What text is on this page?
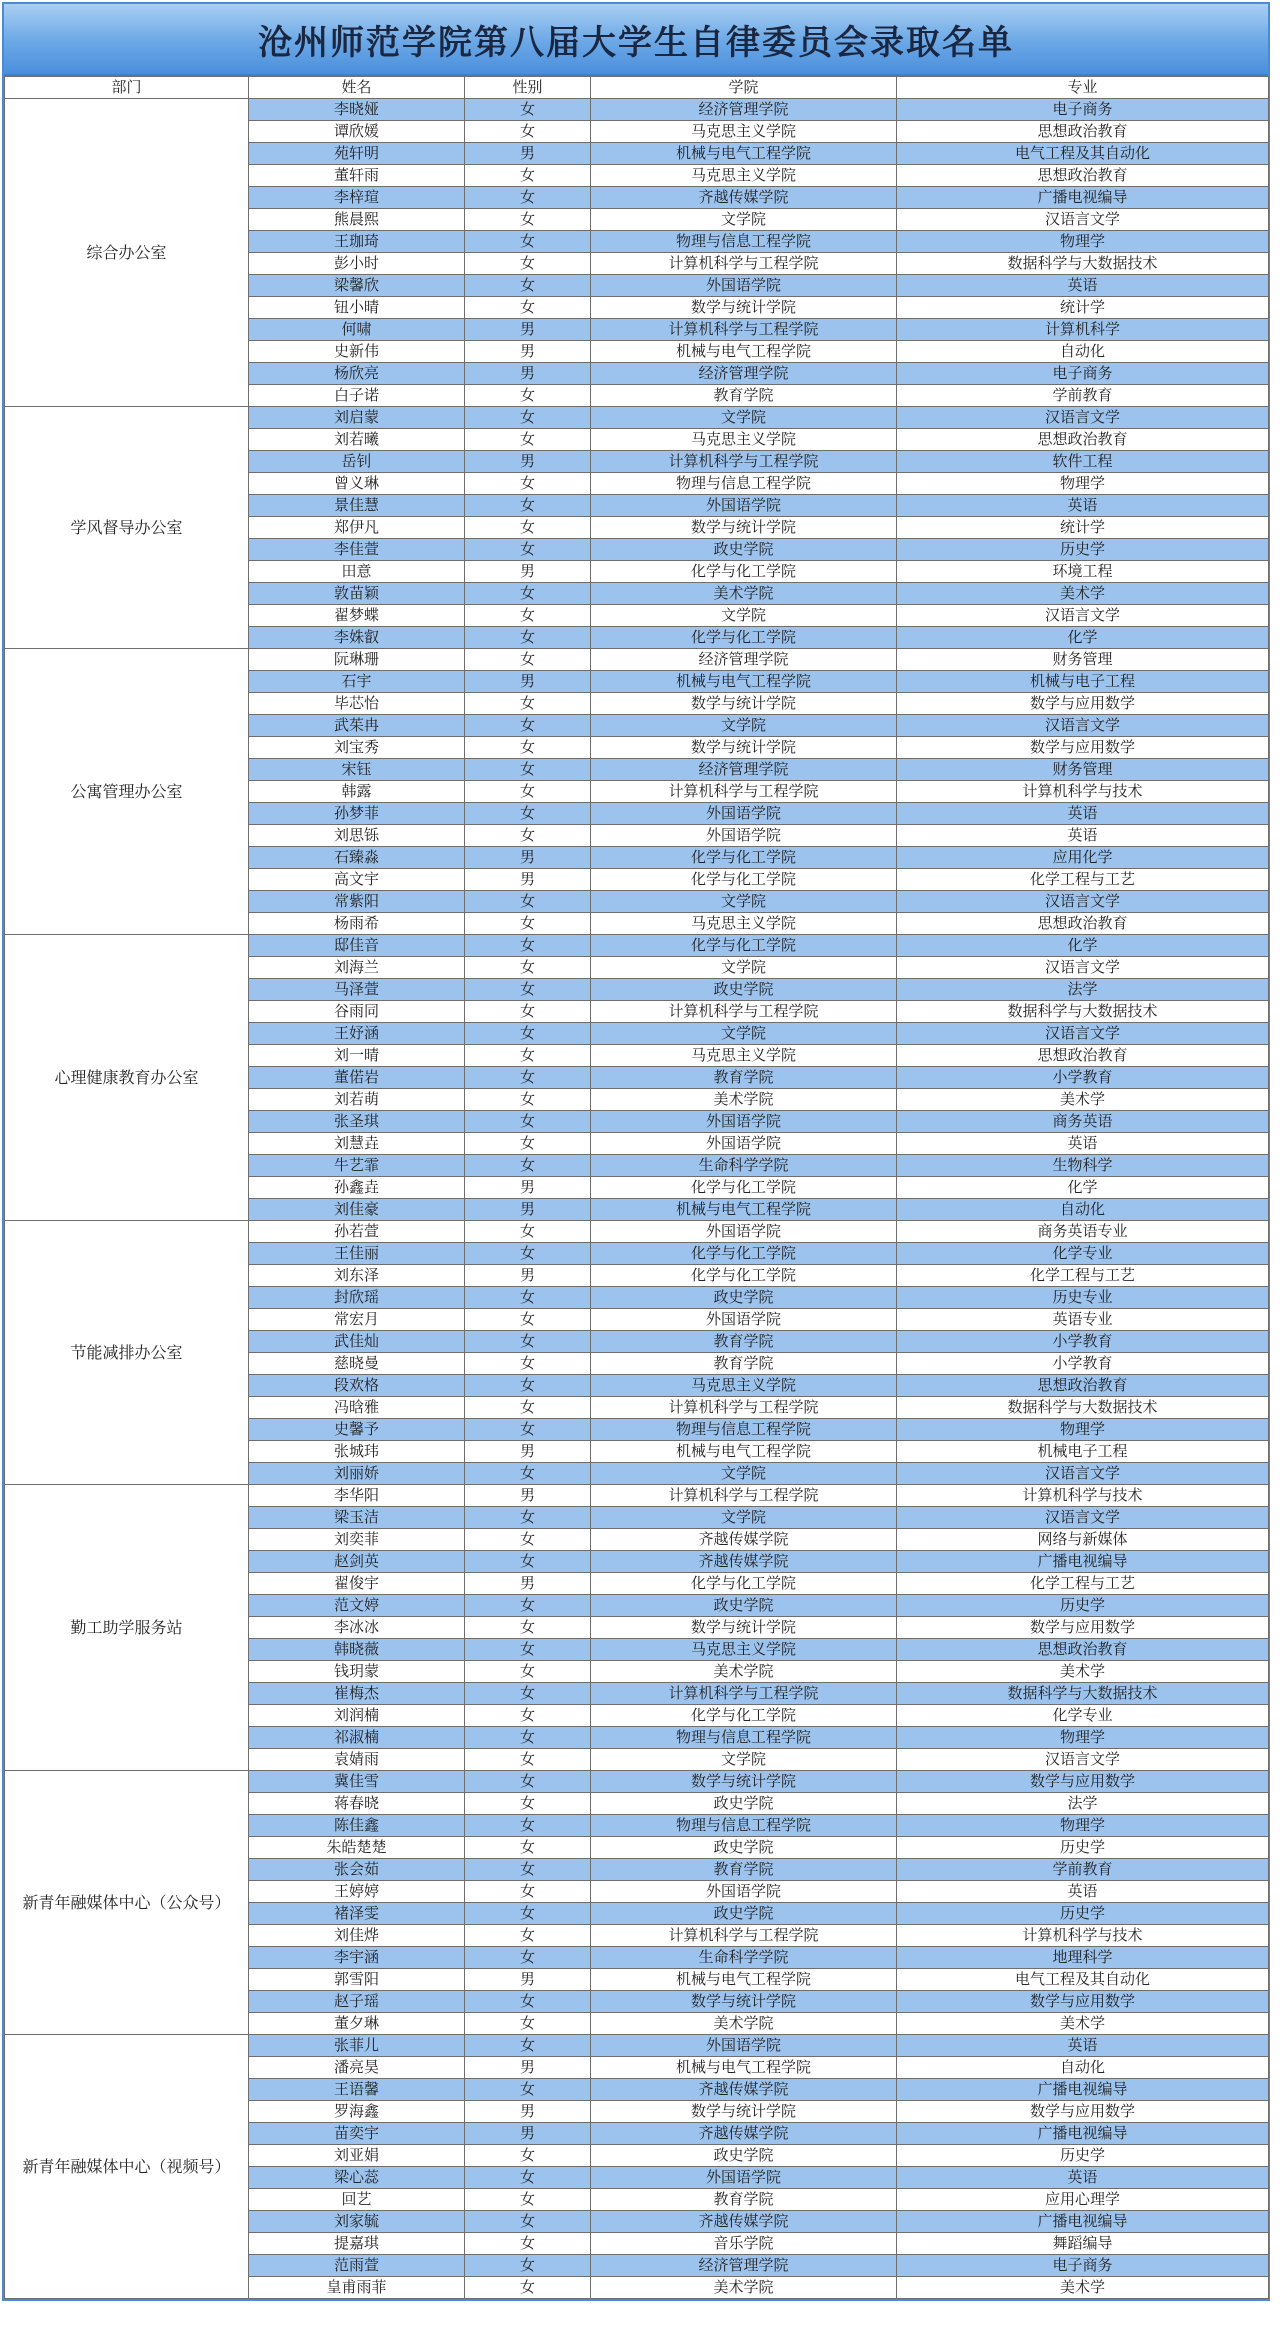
沧州师范学院第八届大学生自律委员会录取名单
部门	姓名	性别	学院	专业
综合办公室	李晓娅	女	经济管理学院	电子商务
	谭欣媛	女	马克思主义学院	思想政治教育
	苑轩明	男	机械与电气工程学院	电气工程及其自动化
	董轩雨	女	马克思主义学院	思想政治教育
	李梓瑄	女	齐越传媒学院	广播电视编导
	熊晨熙	女	文学院	汉语言文学
	王珈琦	女	物理与信息工程学院	物理学
	彭小时	女	计算机科学与工程学院	数据科学与大数据技术
	梁馨欣	女	外国语学院	英语
	钮小晴	女	数学与统计学院	统计学
	何啸	男	计算机科学与工程学院	计算机科学
	史新伟	男	机械与电气工程学院	自动化
	杨欣亮	男	经济管理学院	电子商务
	白子诺	女	教育学院	学前教育
学风督导办公室	刘启蒙	女	文学院	汉语言文学
	刘若曦	女	马克思主义学院	思想政治教育
	岳钊	男	计算机科学与工程学院	软件工程
	曾义琳	女	物理与信息工程学院	物理学
	景佳慧	女	外国语学院	英语
	郑伊凡	女	数学与统计学院	统计学
	李佳萱	女	政史学院	历史学
	田意	男	化学与化工学院	环境工程
	敦苗颖	女	美术学院	美术学
	翟梦蝶	女	文学院	汉语言文学
	李姝叡	女	化学与化工学院	化学
公寓管理办公室	阮琳珊	女	经济管理学院	财务管理
	石宇	男	机械与电气工程学院	机械与电子工程
	毕芯怡	女	数学与统计学院	数学与应用数学
	武茱冉	女	文学院	汉语言文学
	刘宝秀	女	数学与统计学院	数学与应用数学
	宋钰	女	经济管理学院	财务管理
	韩露	女	计算机科学与工程学院	计算机科学与技术
	孙梦菲	女	外国语学院	英语
	刘思铄	女	外国语学院	英语
	石臻淼	男	化学与化工学院	应用化学
	高文宇	男	化学与化工学院	化学工程与工艺
	常紫阳	女	文学院	汉语言文学
	杨雨希	女	马克思主义学院	思想政治教育
心理健康教育办公室	邸佳音	女	化学与化工学院	化学
	刘海兰	女	文学院	汉语言文学
	马泽萱	女	政史学院	法学
	谷雨同	女	计算机科学与工程学院	数据科学与大数据技术
	王妤涵	女	文学院	汉语言文学
	刘一晴	女	马克思主义学院	思想政治教育
	董偌岩	女	教育学院	小学教育
	刘若萌	女	美术学院	美术学
	张圣琪	女	外国语学院	商务英语
	刘慧垚	女	外国语学院	英语
	牛艺霏	女	生命科学学院	生物科学
	孙鑫垚	男	化学与化工学院	化学
	刘佳豪	男	机械与电气工程学院	自动化
节能减排办公室	孙若萱	女	外国语学院	商务英语专业
	王佳丽	女	化学与化工学院	化学专业
	刘东泽	男	化学与化工学院	化学工程与工艺
	封欣瑶	女	政史学院	历史专业
	常宏月	女	外国语学院	英语专业
	武佳灿	女	教育学院	小学教育
	慈晓曼	女	教育学院	小学教育
	段欢格	女	马克思主义学院	思想政治教育
	冯晗雅	女	计算机科学与工程学院	数据科学与大数据技术
	史馨予	女	物理与信息工程学院	物理学
	张城玮	男	机械与电气工程学院	机械电子工程
	刘丽娇	女	文学院	汉语言文学
勤工助学服务站	李华阳	男	计算机科学与工程学院	计算机科学与技术
	梁玉洁	女	文学院	汉语言文学
	刘奕菲	女	齐越传媒学院	网络与新媒体
	赵剑英	女	齐越传媒学院	广播电视编导
	翟俊宇	男	化学与化工学院	化学工程与工艺
	范文婷	女	政史学院	历史学
	李冰冰	女	数学与统计学院	数学与应用数学
	韩晓薇	女	马克思主义学院	思想政治教育
	钱玥蒙	女	美术学院	美术学
	崔梅杰	女	计算机科学与工程学院	数据科学与大数据技术
	刘润楠	女	化学与化工学院	化学专业
	祁淑楠	女	物理与信息工程学院	物理学
	袁婧雨	女	文学院	汉语言文学
新青年融媒体中心（公众号）	冀佳雪	女	数学与统计学院	数学与应用数学
	蒋春晓	女	政史学院	法学
	陈佳鑫	女	物理与信息工程学院	物理学
	朱皓楚楚	女	政史学院	历史学
	张会茹	女	教育学院	学前教育
	王婷婷	女	外国语学院	英语
	褚泽雯	女	政史学院	历史学
	刘佳烨	女	计算机科学与工程学院	计算机科学与技术
	李宇涵	女	生命科学学院	地理科学
	郭雪阳	男	机械与电气工程学院	电气工程及其自动化
	赵子瑶	女	数学与统计学院	数学与应用数学
	董夕琳	女	美术学院	美术学
新青年融媒体中心（视频号）	张菲儿	女	外国语学院	英语
	潘亮昊	男	机械与电气工程学院	自动化
	王语馨	女	齐越传媒学院	广播电视编导
	罗海鑫	男	数学与统计学院	数学与应用数学
	苗奕宇	男	齐越传媒学院	广播电视编导
	刘亚娟	女	政史学院	历史学
	梁心蕊	女	外国语学院	英语
	回艺	女	教育学院	应用心理学
	刘家毓	女	齐越传媒学院	广播电视编导
	提嘉琪	女	音乐学院	舞蹈编导
	范雨萱	女	经济管理学院	电子商务
	皇甫雨菲	女	美术学院	美术学
